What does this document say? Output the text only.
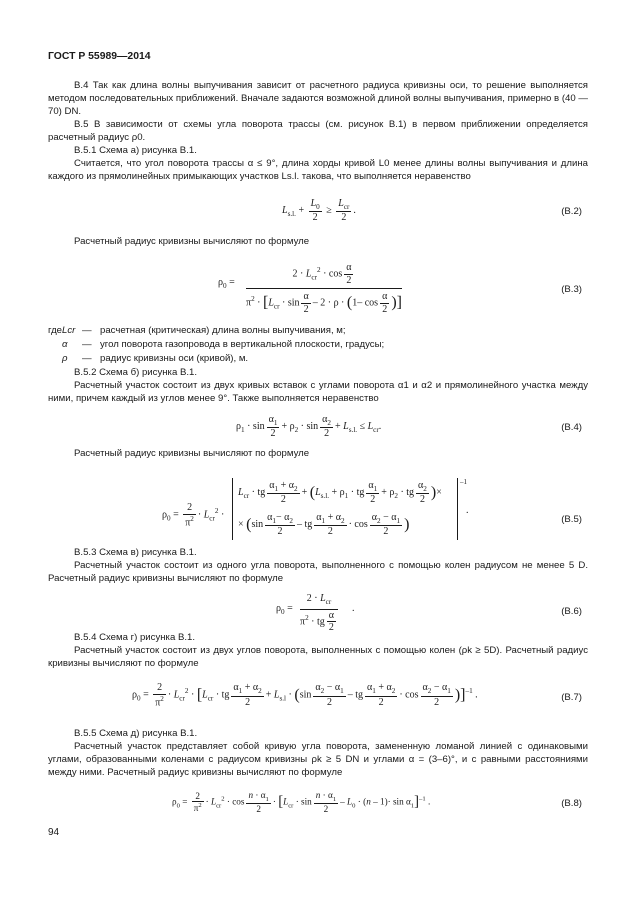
ГОСТ Р 55989—2014
В.4 Так как длина волны выпучивания зависит от расчетного радиуса кривизны оси, то решение выполняется методом последовательных приближений. Вначале задаются возможной длиной волны выпучивания, примерно в (40 — 70) DN.
В.5 В зависимости от схемы угла поворота трассы (см. рисунок В.1) в первом приближении определяется расчетный радиус ρ0.
В.5.1 Схема а) рисунка В.1.
Считается, что угол поворота трассы α ≤ 9°, длина хорды кривой L0 менее длины волны выпучивания и длина каждого из прямолинейных примыкающих участков Ls.l. такова, что выполняется неравенство
$L_{s.l.} + \frac{L_0}{2}$ ≥
$L_{cr}$
2
.	(В.2)
Расчетный радиус кривизны вычисляют по формуле
$\rho_0$ =
$2 \cdot L_{cr}^2 \cdot \cos \frac{\alpha}{2}$
$\pi^2 \cdot [L_{cr} \cdot \sin \frac{\alpha}{2} - 2 \cdot \rho \cdot (1-$ $\cos \frac{\alpha}{2}$ )]
(В.3)
где Lcr — расчетная (критическая) длина волны выпучивания, м;
α — угол поворота газопровода в вертикальной плоскости, градусы;
ρ — радиус кривизны оси (кривой), м.
В.5.2 Схема б) рисунка В.1.
Расчетный участок состоит из двух кривых вставок с углами поворота α1 и α2 и прямолинейного участка между ними, причем каждый из углов менее 9°. Также выполняется неравенство
$\rho_1 \cdot \sin \frac{\alpha_1}{2} + \rho_2 \cdot \sin \frac{\alpha_2}{2} + L_{s.l.} \le L_{cr}$.	(В.4)
Расчетный радиус кривизны вычисляют по формуле
$\rho_0 = \frac{2}{\pi^2} \cdot L_{cr}^2$ ·
$L_{cr}$ · tg $\frac{\alpha_1 + \alpha_2}{2} + (L_{s.l.} + \rho_1$ · tg $\frac{\alpha_1}{2} + \rho_2$ · tg $\frac{\alpha_2}{2}$ )×
× ($\sin \frac{\alpha_1- \alpha_2}{2}$ – tg $\frac{\alpha_1 + \alpha_2}{2} \cdot \cos \frac{\alpha_2 - \alpha_1}{2}$ )
–1
.
(В.5)
В.5.3 Схема в) рисунка В.1.
Расчетный участок состоит из одного угла поворота, выполненного с помощью колен радиусом не менее 5 D. Расчетный радиус кривизны вычисляют по формуле
$\rho_0$ =
$2 \cdot L_{cr}$
$\pi^2$ · tg $\frac{\alpha}{2}$
.	(В.6)
В.5.4 Схема г) рисунка В.1.
Расчетный участок состоит из двух углов поворота, выполненных с помощью колен (ρk ≥ 5D). Расчетный радиус кривизны вычисляют по формуле
$\rho_0 = \frac{2}{\pi^2} \cdot L_{cr}^2 \cdot [L_{cr}$ · tg $\frac{\alpha_1 + \alpha_2}{2} + L_{s.l} \cdot (\sin \frac{\alpha_2 - \alpha_1}{2}$ – tg $\frac{\alpha_1 + \alpha_2}{2} \cdot \cos \frac{\alpha_2 - \alpha_1}{2} )]^{-1}$ .	(В.7)
В.5.5 Схема д) рисунка В.1.
Расчетный участок представляет собой кривую угла поворота, замененную ломаной линией с одинаковыми углами, образованными коленами с радиусом кривизны ρk ≥ 5 DN и углами α = (3–6)°, и с равными расстояниями между ними. Расчетный радиус кривизны вычисляют по формуле
$\rho_0 = \frac{2}{\pi^2} \cdot L_{cr}^2 \cdot \cos \frac{n \cdot \alpha_1}{2} \cdot [L_{cr} \cdot \sin \frac{n \cdot \alpha_1}{2} - L_0 \cdot (n - 1)\cdot \sin \alpha_1]^{-1}$ .	(В.8)
94
